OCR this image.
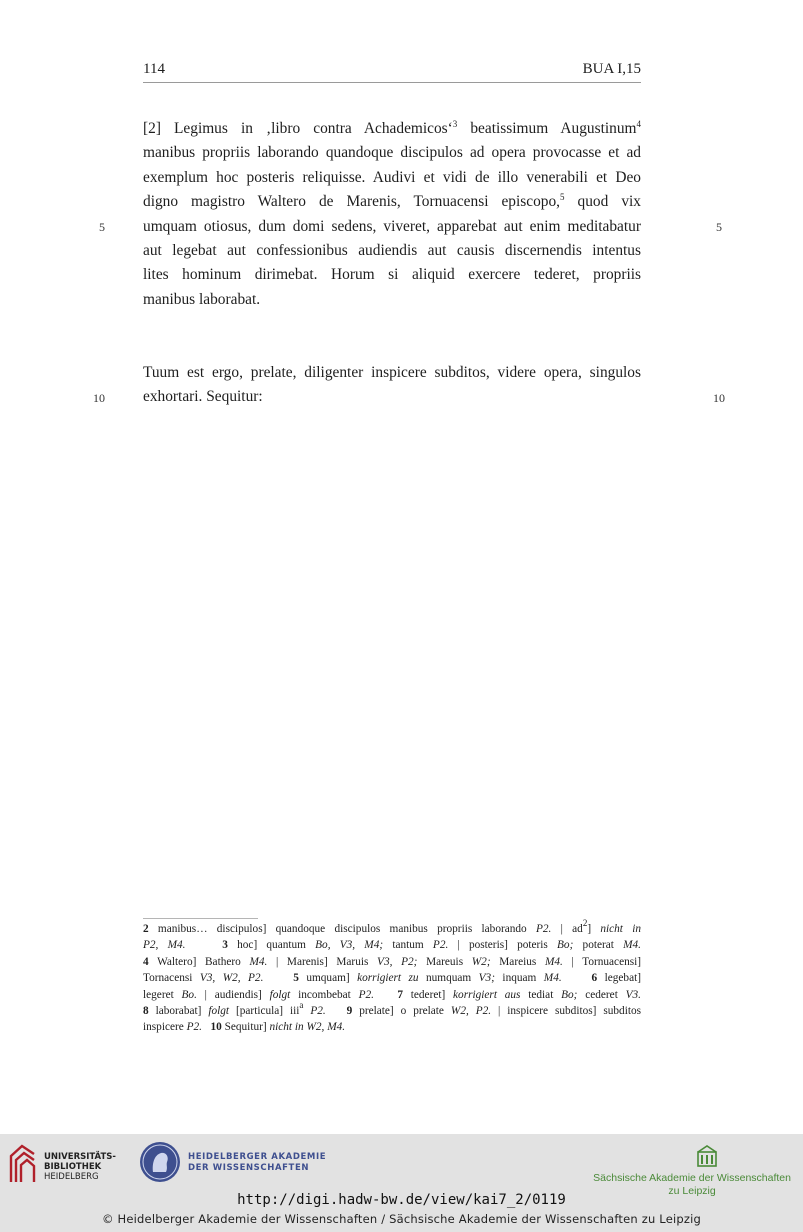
114	BUA I,15
[2] Legimus in ‚libro contra Achademicos‘$^3$ beatissimum Augustinum$^4$
manibus propriis laborando quandoque discipulos ad opera provocasse et ad
exemplum hoc posteris reliquisse. Audivi et vidi de illo venerabili et Deo
digno magistro Waltero de Marenis, Tornuacensi episcopo,$^5$ quod vix
umquam otiosus, dum domi sedens, viveret, apparebat aut enim meditabatur
aut legebat aut confessionibus audiendis aut causis discernendis intentus
lites hominum dirimebat. Horum si aliquid exercere tederet, propriis
manibus laborabat.
Tuum est ergo, prelate, diligenter inspicere subditos, videre opera, singulos
exhortari. Sequitur:
5	5
10	10
2 manibus… discipulos] quandoque discipulos manibus propriis laborando P2. | $ad^2$] nicht in
P2, M4.	3 hoc] quantum Bo, V3, M4; tantum P2. | posteris] poteris Bo; poterat M4.
4 Waltero] Bathero M4. | Marenis] Maruis V3, P2; Mareuis W2; Mareius M4. | Tornuacensi]
Tornacensi V3, W2, P2.	5 umquam] korrigiert zu numquam V3; inquam M4.	6 legebat]
legeret Bo. | audiendis] folgt incombebat P2. 7 tederet] korrigiert aus tediat Bo; cederet V3.
8 laborabat] folgt [particula] iii$^a$ P2. 9 prelate] o prelate W2, P2. | inspicere subditos] subditos
inspicere P2. 10 Sequitur] nicht in W2, M4.
UNIVERSITÄTS-
BIBLIOTHEK
HEIDELBERG
HEIDELBERGER AKADEMIE
DER WISSENSCHAFTEN
Sächsische Akademie der Wissenschaften
zu Leipzig
http://digi.hadw-bw.de/view/kai7_2/0119
© Heidelberger Akademie der Wissenschaften / Sächsische Akademie der Wissenschaften zu Leipzig
